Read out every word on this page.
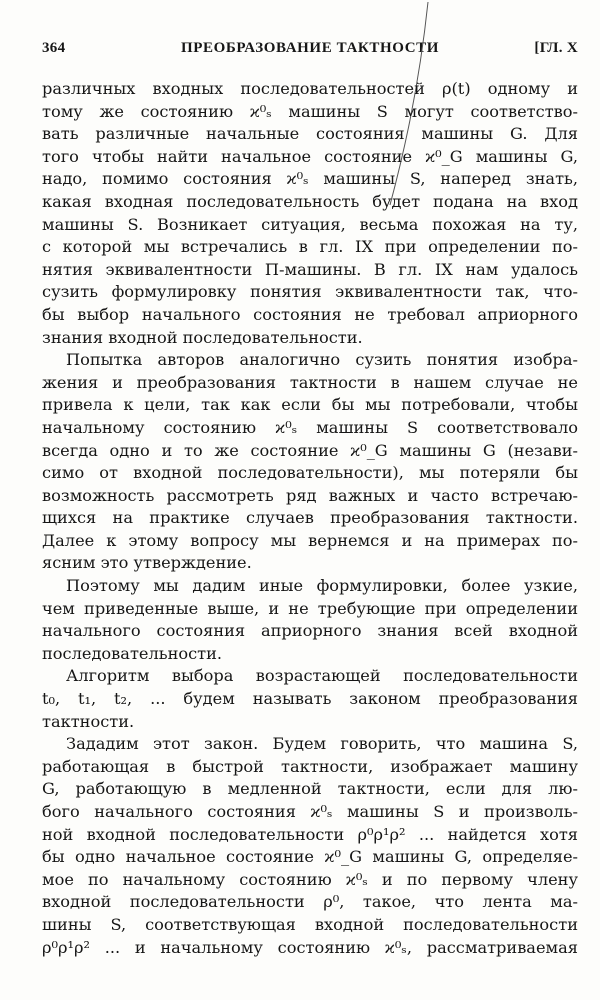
364	ПРЕОБРАЗОВАНИЕ ТАКТНОСТИ	[ГЛ. X
различных входных последовательностей ρ(t) одному и
тому же состоянию ϰ⁰ₛ машины S могут соответство-
вать различные начальные состояния машины G. Для
того чтобы найти начальное состояние ϰ⁰_G машины G,
надо, помимо состояния ϰ⁰ₛ машины S, наперед знать,
какая входная последовательность будет подана на вход
машины S. Возникает ситуация, весьма похожая на ту,
с которой мы встречались в гл. IX при определении по-
нятия эквивалентности П-машины. В гл. IX нам удалось
сузить формулировку понятия эквивалентности так, что-
бы выбор начального состояния не требовал априорного
знания входной последовательности.
Попытка авторов аналогично сузить понятия изобра-
жения и преобразования тактности в нашем случае не
привела к цели, так как если бы мы потребовали, чтобы
начальному состоянию ϰ⁰ₛ машины S соответствовало
всегда одно и то же состояние ϰ⁰_G машины G (незави-
симо от входной последовательности), мы потеряли бы
возможность рассмотреть ряд важных и часто встречаю-
щихся на практике случаев преобразования тактности.
Далее к этому вопросу мы вернемся и на примерах по-
ясним это утверждение.
Поэтому мы дадим иные формулировки, более узкие,
чем приведенные выше, и не требующие при определении
начального состояния априорного знания всей входной
последовательности.
Алгоритм выбора возрастающей последовательности
t₀, t₁, t₂, ... будем называть законом преобразования
тактности.
Зададим этот закон. Будем говорить, что машина S,
работающая в быстрой тактности, изображает машину
G, работающую в медленной тактности, если для лю-
бого начального состояния ϰ⁰ₛ машины S и произволь-
ной входной последовательности ρ⁰ρ¹ρ² ... найдется хотя
бы одно начальное состояние ϰ⁰_G машины G, определяе-
мое по начальному состоянию ϰ⁰ₛ и по первому члену
входной последовательности ρ⁰, такое, что лента ма-
шины S, соответствующая входной последовательности
ρ⁰ρ¹ρ² ... и начальному состоянию ϰ⁰ₛ, рассматриваемая
